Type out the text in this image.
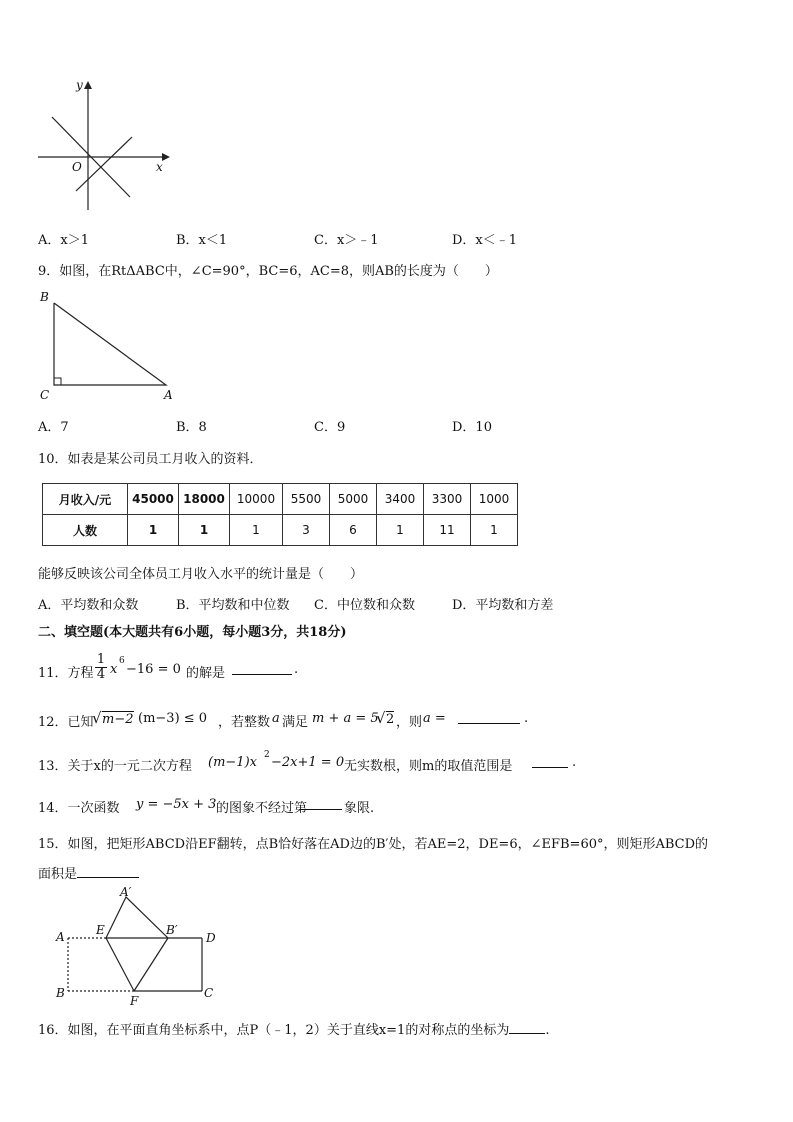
y
x
O
A．x＞1	B．x＜1	C．x＞﹣1	D．x＜﹣1
9．如图，在RtΔABC中，∠C=90°，BC=6，AC=8，则AB的长度为（　　）
B
C	A
A．7	B．8	C．9	D．10
10．如表是某公司员工月收入的资料．
月收入/元	45000	18000	10000	5500	5000	3400	3300	1000
人数	1	1	1	3	6	1	11	1
能够反映该公司全体员工月收入水平的统计量是（　　）
A．平均数和众数	B．平均数和中位数 C．中位数和众数	D．平均数和方差
二、填空题(本大题共有6小题，每小题3分，共18分)
11．方程 $\frac{1}{4}$ x
6
−16 = 0 的解是	.
12．已知
√ m−2 (m−3) ≤ 0 ，若整数 a 满足 m + a = 5
√ 2 ，则 a =	.
13．关于x的一元二次方程 (m−1)x 2 −2x+1 = 0 无实数根，则m的取值范围是	.
14．一次函数 y = −5x + 3 的图象不经过第	象限.
15．如图，把矩形ABCD沿EF翻转，点B恰好落在AD边的B′处，若AE=2，DE=6，∠EFB=60°，则矩形ABCD的
面积是
A′
A	E	B′
D
B
F
C
16．如图，在平面直角坐标系中，点P（﹣1，2）关于直线x=1的对称点的坐标为	.
